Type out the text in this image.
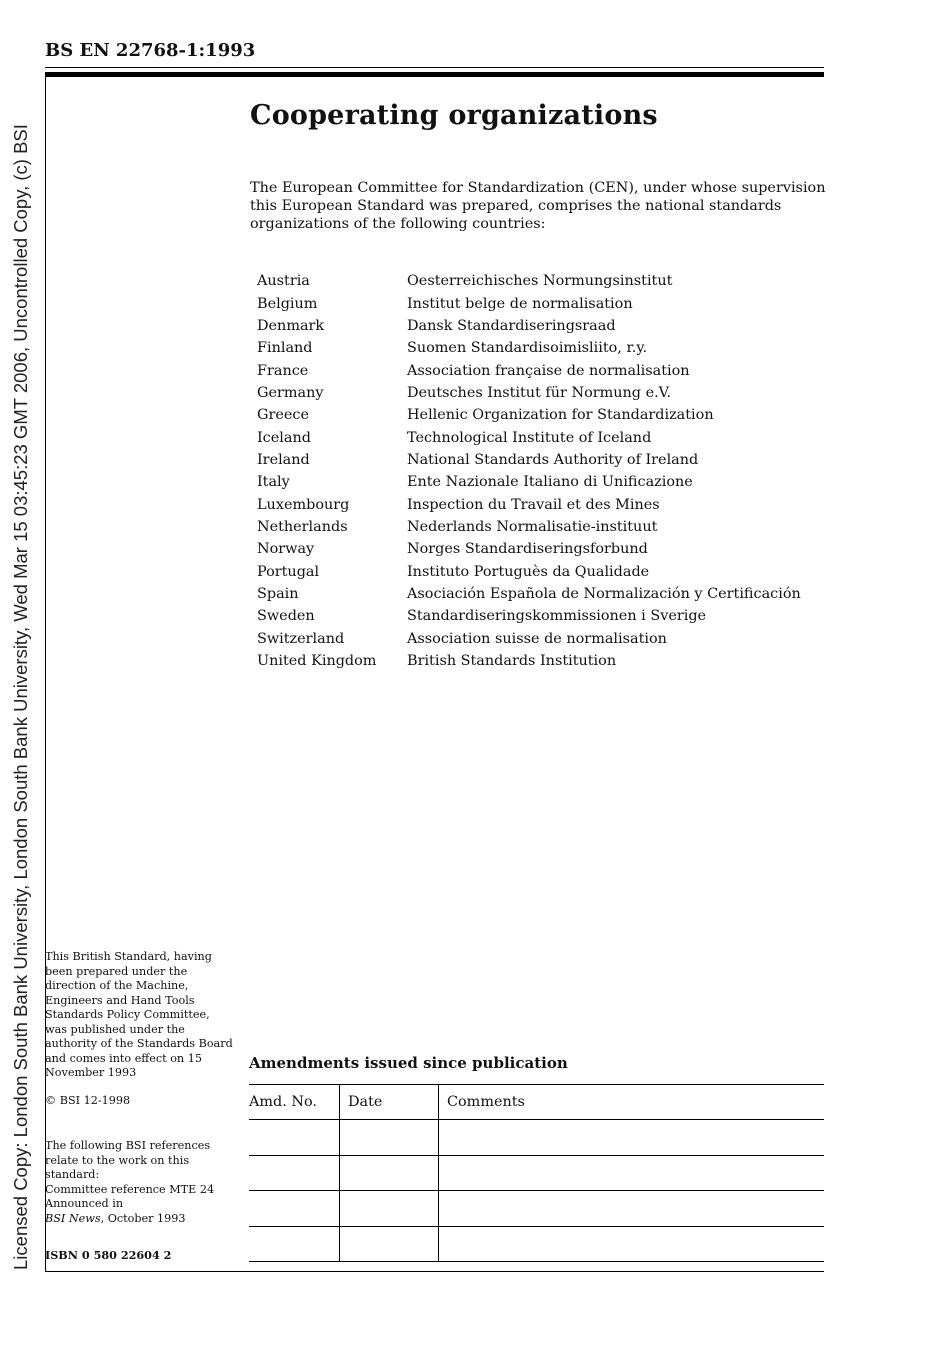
Licensed Copy: London South Bank University, London South Bank University, Wed Mar 15 03:45:23 GMT 2006, Uncontrolled Copy, (c) BSI
BS EN 22768-1:1993
Cooperating organizations
The European Committee for Standardization (CEN), under whose supervision this European Standard was prepared, comprises the national standards organizations of the following countries:
Austria	Oesterreichisches Normungsinstitut
Belgium	Institut belge de normalisation
Denmark	Dansk Standardiseringsraad
Finland	Suomen Standardisoimisliito, r.y.
France	Association française de normalisation
Germany	Deutsches Institut für Normung e.V.
Greece	Hellenic Organization for Standardization
Iceland	Technological Institute of Iceland
Ireland	National Standards Authority of Ireland
Italy	Ente Nazionale Italiano di Unificazione
Luxembourg	Inspection du Travail et des Mines
Netherlands	Nederlands Normalisatie-instituut
Norway	Norges Standardiseringsforbund
Portugal	Instituto Portuguès da Qualidade
Spain	Asociación Española de Normalización y Certificación
Sweden	Standardiseringskommissionen i Sverige
Switzerland	Association suisse de normalisation
United Kingdom	British Standards Institution
This British Standard, having been prepared under the direction of the Machine, Engineers and Hand Tools Standards Policy Committee, was published under the authority of the Standards Board and comes into effect on 15 November 1993
© BSI 12-1998
The following BSI references relate to the work on this standard:
Committee reference MTE 24
Announced in
BSI News, October 1993
ISBN 0 580 22604 2
Amendments issued since publication
Amd. No.	Date	Comments
